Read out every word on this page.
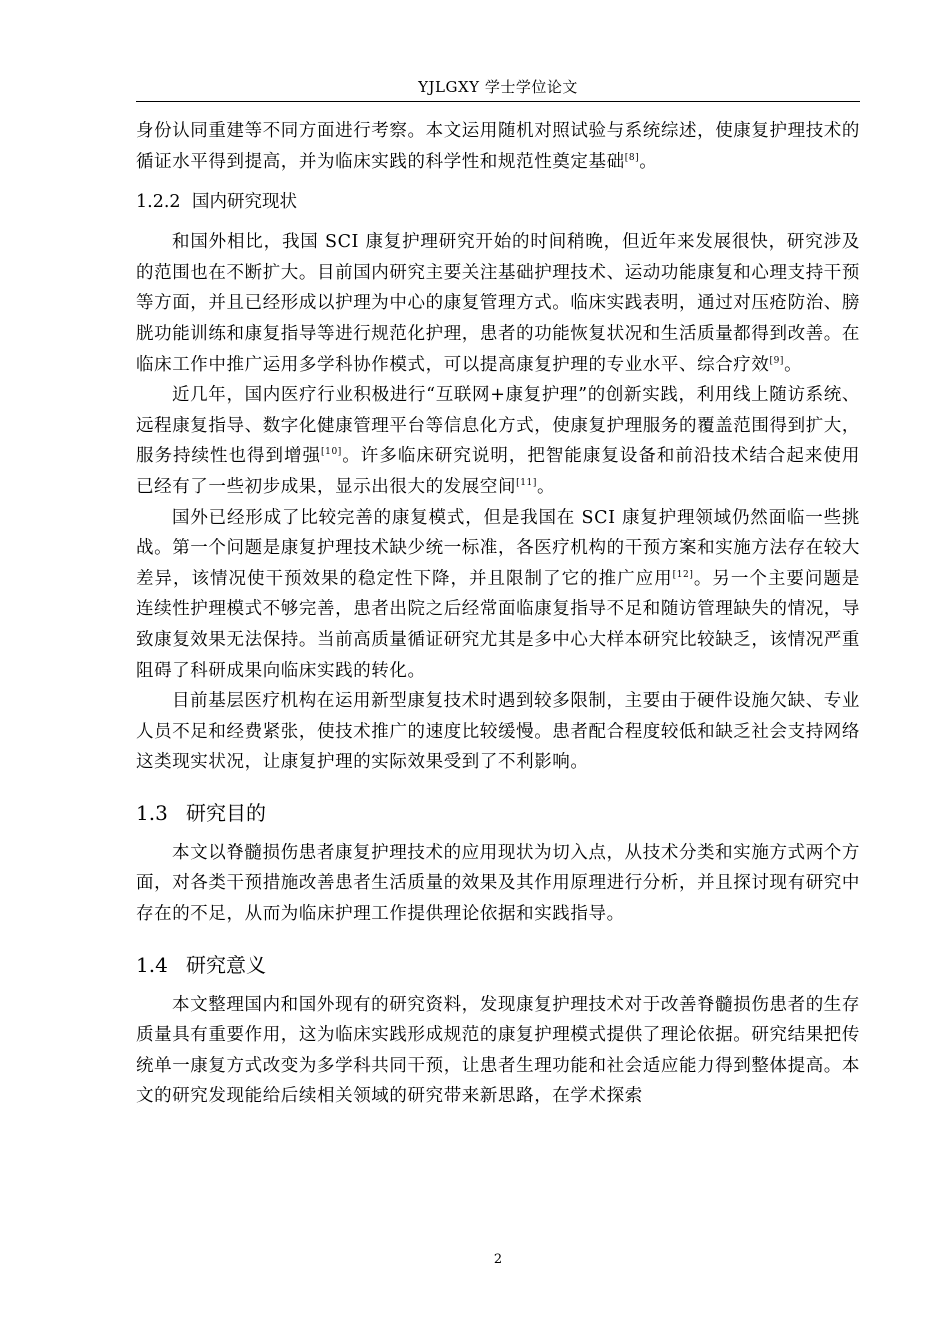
YJLGXY 学士学位论文

身份认同重建等不同方面进行考察。本文运用随机对照试验与系统综述，使康复护理技术的循证水平得到提高，并为临床实践的科学性和规范性奠定基础[8]。

1.2.2 国内研究现状

和国外相比，我国 SCI 康复护理研究开始的时间稍晚，但近年来发展很快，研究涉及的范围也在不断扩大。目前国内研究主要关注基础护理技术、运动功能康复和心理支持干预等方面，并且已经形成以护理为中心的康复管理方式。临床实践表明，通过对压疮防治、膀胱功能训练和康复指导等进行规范化护理，患者的功能恢复状况和生活质量都得到改善。在临床工作中推广运用多学科协作模式，可以提高康复护理的专业水平、综合疗效[9]。

近几年，国内医疗行业积极进行“互联网+康复护理”的创新实践，利用线上随访系统、远程康复指导、数字化健康管理平台等信息化方式，使康复护理服务的覆盖范围得到扩大，服务持续性也得到增强[10]。许多临床研究说明，把智能康复设备和前沿技术结合起来使用已经有了一些初步成果，显示出很大的发展空间[11]。

国外已经形成了比较完善的康复模式，但是我国在 SCI 康复护理领域仍然面临一些挑战。第一个问题是康复护理技术缺少统一标准，各医疗机构的干预方案和实施方法存在较大差异，该情况使干预效果的稳定性下降，并且限制了它的推广应用[12]。另一个主要问题是连续性护理模式不够完善，患者出院之后经常面临康复指导不足和随访管理缺失的情况，导致康复效果无法保持。当前高质量循证研究尤其是多中心大样本研究比较缺乏，该情况严重阻碍了科研成果向临床实践的转化。

目前基层医疗机构在运用新型康复技术时遇到较多限制，主要由于硬件设施欠缺、专业人员不足和经费紧张，使技术推广的速度比较缓慢。患者配合程度较低和缺乏社会支持网络这类现实状况，让康复护理的实际效果受到了不利影响。

1.3 研究目的

本文以脊髓损伤患者康复护理技术的应用现状为切入点，从技术分类和实施方式两个方面，对各类干预措施改善患者生活质量的效果及其作用原理进行分析，并且探讨现有研究中存在的不足，从而为临床护理工作提供理论依据和实践指导。

1.4 研究意义

本文整理国内和国外现有的研究资料，发现康复护理技术对于改善脊髓损伤患者的生存质量具有重要作用，这为临床实践形成规范的康复护理模式提供了理论依据。研究结果把传统单一康复方式改变为多学科共同干预，让患者生理功能和社会适应能力得到整体提高。本文的研究发现能给后续相关领域的研究带来新思路，在学术探索

2
